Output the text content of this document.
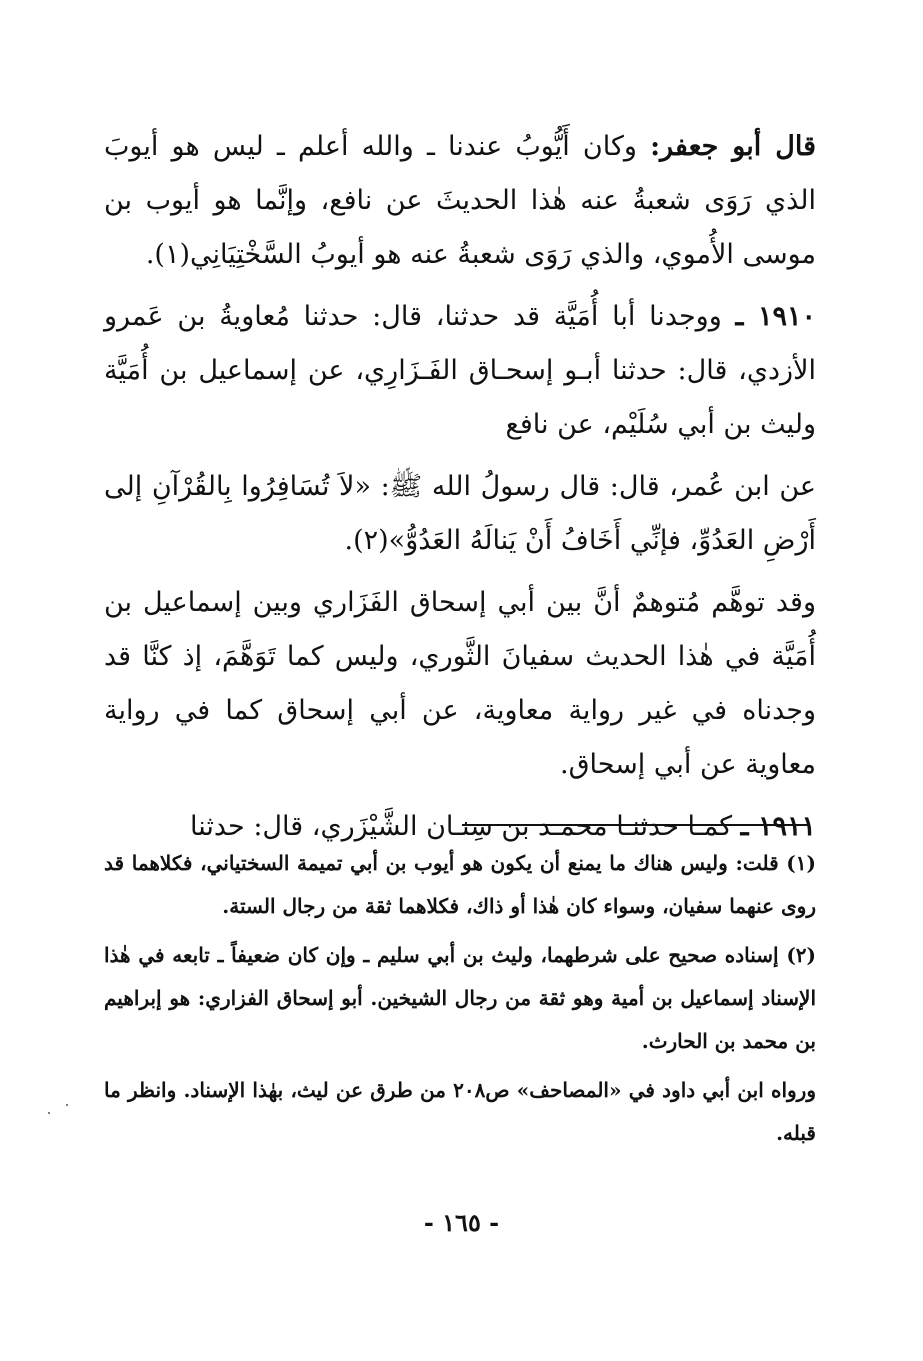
قال أبو جعفر: وكان أَيُّوبُ عندنا ـ والله أعلم ـ ليس هو أيوبَ الذي رَوَى شعبةُ عنه هٰذا الحديثَ عن نافع، وإنَّما هو أيوب بن موسى الأُموي، والذي رَوَى شعبةُ عنه هو أيوبُ السَّخْتِيَانِي(١).

١٩١٠ ـ ووجدنا أبا أُمَيَّة قد حدثنا، قال: حدثنا مُعاويةُ بن عَمرو الأزدي، قال: حدثنا أبـو إسحـاق الفَـزَارِي، عن إسماعيل بن أُمَيَّة وليث بن أبي سُلَيْم، عن نافع

عن ابن عُمر، قال: قال رسولُ الله ﷺ: «لاَ تُسَافِرُوا بِالقُرْآنِ إلى أَرْضِ العَدُوِّ، فإنِّي أَخَافُ أَنْ يَنالَهُ العَدُوُّ»(٢).

وقد توهَّم مُتوهمٌ أنَّ بين أبي إسحاق الفَزَاري وبين إسماعيل بن أُمَيَّة في هٰذا الحديث سفيانَ الثَّوري، وليس كما تَوَهَّمَ، إذ كنَّا قد وجدناه في غير رواية معاوية، عن أبي إسحاق كما في رواية معاوية عن أبي إسحاق.

١٩١١ ـ كمـا حدثنـا محمـد بن سِنـان الشَّيْزَري، قال: حدثنا

(١) قلت: وليس هناك ما يمنع أن يكون هو أيوب بن أبي تميمة السختياني، فكلاهما قد روى عنهما سفيان، وسواء كان هٰذا أو ذاك، فكلاهما ثقة من رجال الستة.

(٢) إسناده صحيح على شرطهما، وليث بن أبي سليم ـ وإن كان ضعيفاً ـ تابعه في هٰذا الإسناد إسماعيل بن أمية وهو ثقة من رجال الشيخين. أبو إسحاق الفزاري: هو إبراهيم بن محمد بن الحارث.

ورواه ابن أبي داود في «المصاحف» ص٢٠٨ من طرق عن ليث، بهٰذا الإسناد. وانظر ما قبله.

- ١٦٥ -
